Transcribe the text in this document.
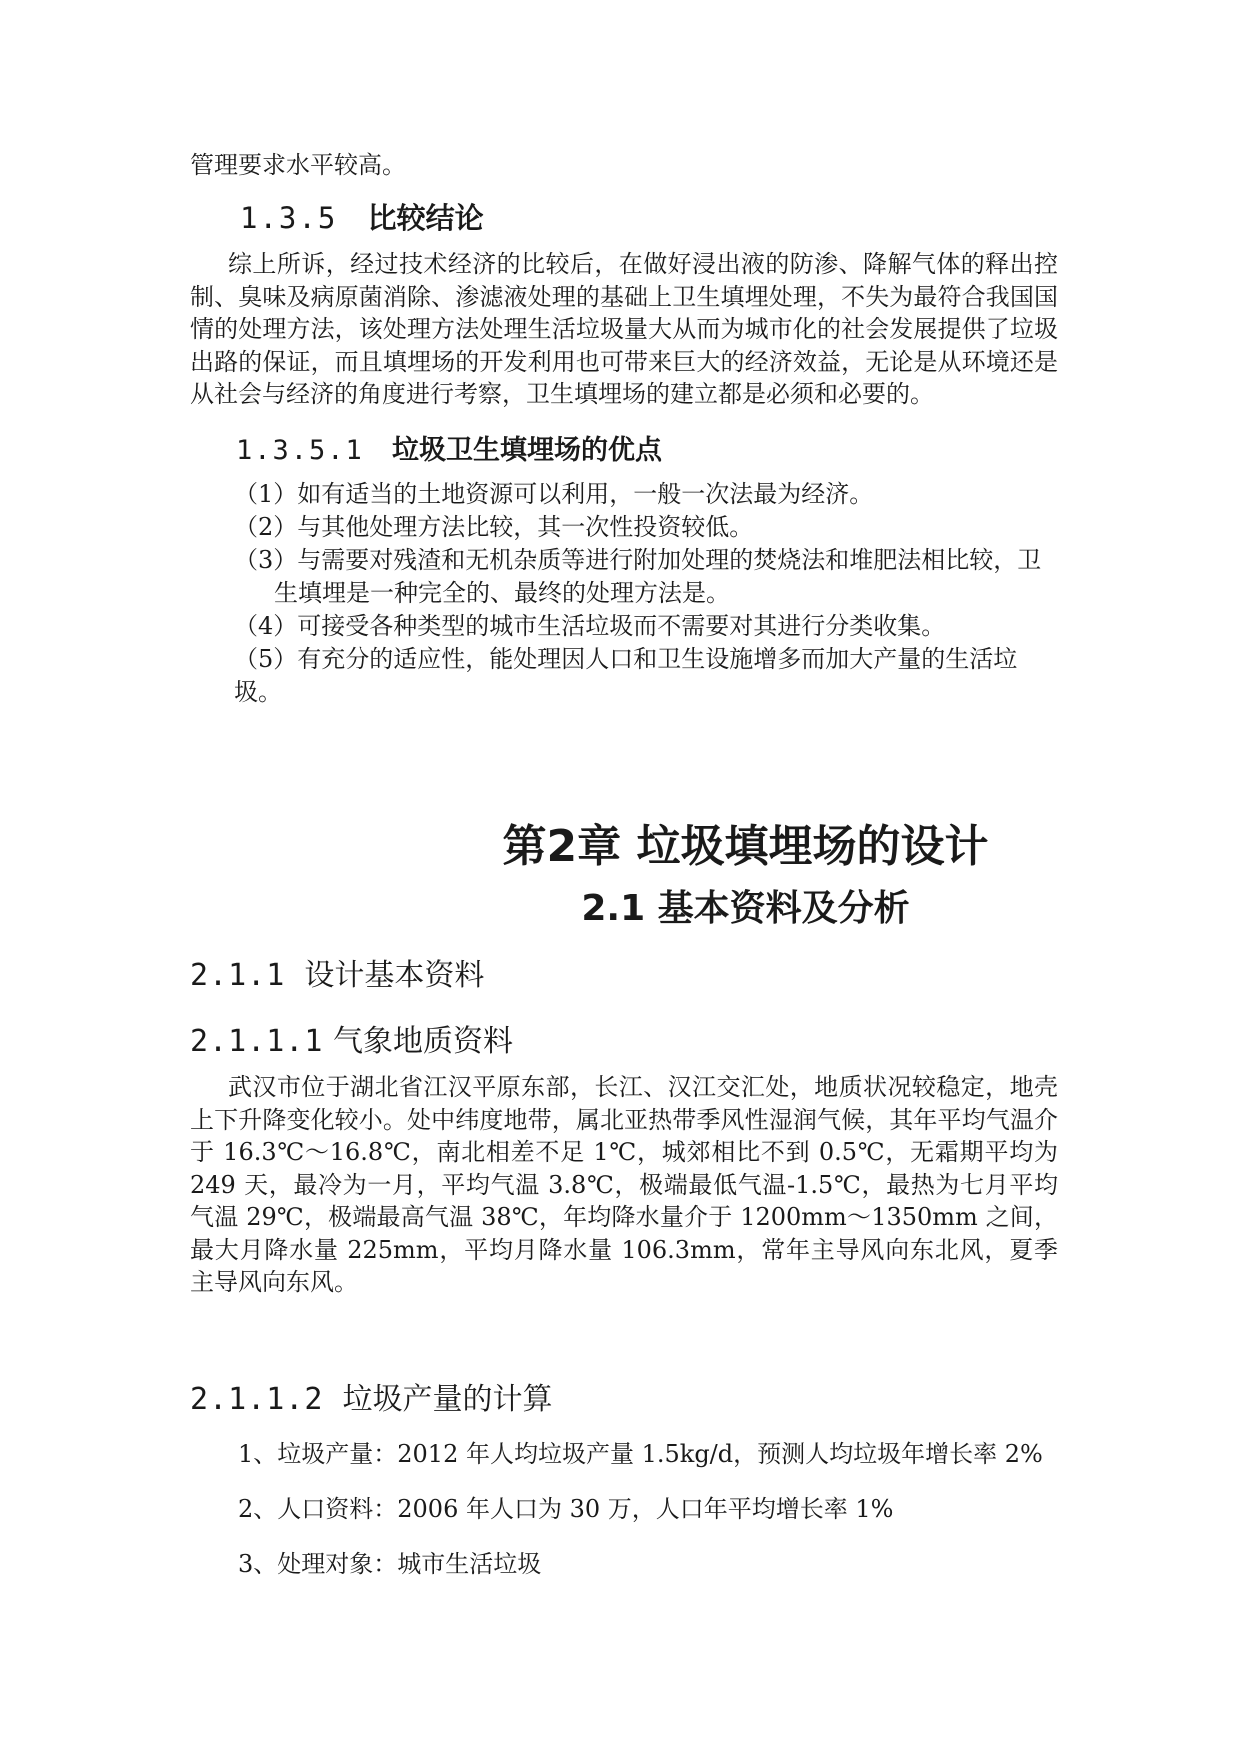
管理要求水平较高。

1.3.5 比较结论

综上所诉，经过技术经济的比较后，在做好浸出液的防渗、降解气体的释出控制、臭味及病原菌消除、渗滤液处理的基础上卫生填埋处理，不失为最符合我国国情的处理方法，该处理方法处理生活垃圾量大从而为城市化的社会发展提供了垃圾出路的保证，而且填埋场的开发利用也可带来巨大的经济效益，无论是从环境还是从社会与经济的角度进行考察，卫生填埋场的建立都是必须和必要的。

1.3.5.1 垃圾卫生填埋场的优点
（1）如有适当的土地资源可以利用，一般一次法最为经济。
（2）与其他处理方法比较，其一次性投资较低。
（3）与需要对残渣和无机杂质等进行附加处理的焚烧法和堆肥法相比较，卫
生填埋是一种完全的、最终的处理方法是。
（4）可接受各种类型的城市生活垃圾而不需要对其进行分类收集。
（5）有充分的适应性，能处理因人口和卫生设施增多而加大产量的生活垃圾。
第2章 垃圾填埋场的设计
2.1 基本资料及分析
2.1.1 设计基本资料
2.1.1.1 气象地质资料

武汉市位于湖北省江汉平原东部，长江、汉江交汇处，地质状况较稳定，地壳上下升降变化较小。处中纬度地带，属北亚热带季风性湿润气候，其年平均气温介于 16.3℃～16.8℃，南北相差不足 1℃，城郊相比不到 0.5℃，无霜期平均为 249 天，最冷为一月，平均气温 3.8℃，极端最低气温-1.5℃，最热为七月平均气温 29℃，极端最高气温 38℃，年均降水量介于 1200mm～1350mm 之间，最大月降水量 225mm，平均月降水量 106.3mm，常年主导风向东北风，夏季主导风向东风。

2.1.1.2 垃圾产量的计算
1、垃圾产量：2012 年人均垃圾产量 1.5kg/d，预测人均垃圾年增长率 2%
2、人口资料：2006 年人口为 30 万，人口年平均增长率 1%
3、处理对象：城市生活垃圾
